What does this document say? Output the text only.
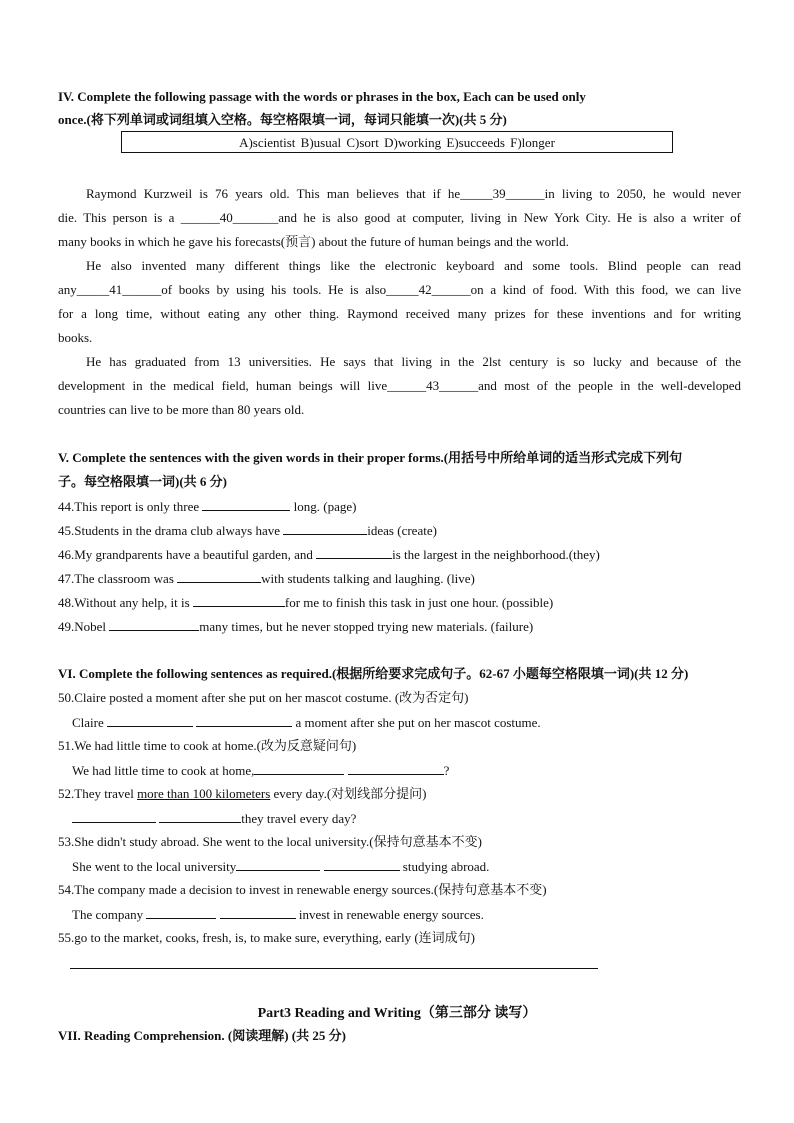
IV. Complete the following passage with the words or phrases in the box, Each can be used only
once.(将下列单词或词组填入空格。每空格限填一词，每词只能填一次)(共 5 分)
A)scientist B)usual C)sort D)working E)succeeds F)longer
Raymond Kurzweil is 76 years old. This man believes that if he_____39______in living to 2050, he would never
die. This person is a ______40_______and he is also good at computer, living in New York City. He is also a writer of
many books in which he gave his forecasts(预言) about the future of human beings and the world.
He also invented many different things like the electronic keyboard and some tools. Blind people can read
any_____41______of books by using his tools. He is also_____42______on a kind of food. With this food, we can live
for a long time, without eating any other thing. Raymond received many prizes for these inventions and for writing
books.
He has graduated from 13 universities. He says that living in the 2lst century is so lucky and because of the
development in the medical field, human beings will live______43______and most of the people in the well-developed
countries can live to be more than 80 years old.
V. Complete the sentences with the given words in their proper forms.(用括号中所给单词的适当形式完成下列句
子。每空格限填一词)(共 6 分)
44.This report is only three	long. (page)
45.Students in the drama club always have	ideas (create)
46.My grandparents have a beautiful garden, and	is the largest in the neighborhood.(they)
47.The classroom was	with students talking and laughing. (live)
48.Without any help, it is	for me to finish this task in just one hour. (possible)
49.Nobel	many times, but he never stopped trying new materials. (failure)
VI. Complete the following sentences as required.(根据所给要求完成句子。62-67 小题每空格限填一词)(共 12 分)
50.Claire posted a moment after she put on her mascot costume. (改为否定句)
Claire	a moment after she put on her mascot costume.
51.We had little time to cook at home.(改为反意疑问句)
We had little time to cook at home,	?
52.They travel more than 100 kilometers every day.(对划线部分提问)
they travel every day?
53.She didn't study abroad. She went to the local university.(保持句意基本不变)
She went to the local university	studying abroad.
54.The company made a decision to invest in renewable energy sources.(保持句意基本不变)
The company	invest in renewable energy sources.
55.go to the market, cooks, fresh, is, to make sure, everything, early (连词成句)
Part3 Reading and Writing（第三部分 读写）
VII. Reading Comprehension. (阅读理解) (共 25 分)
